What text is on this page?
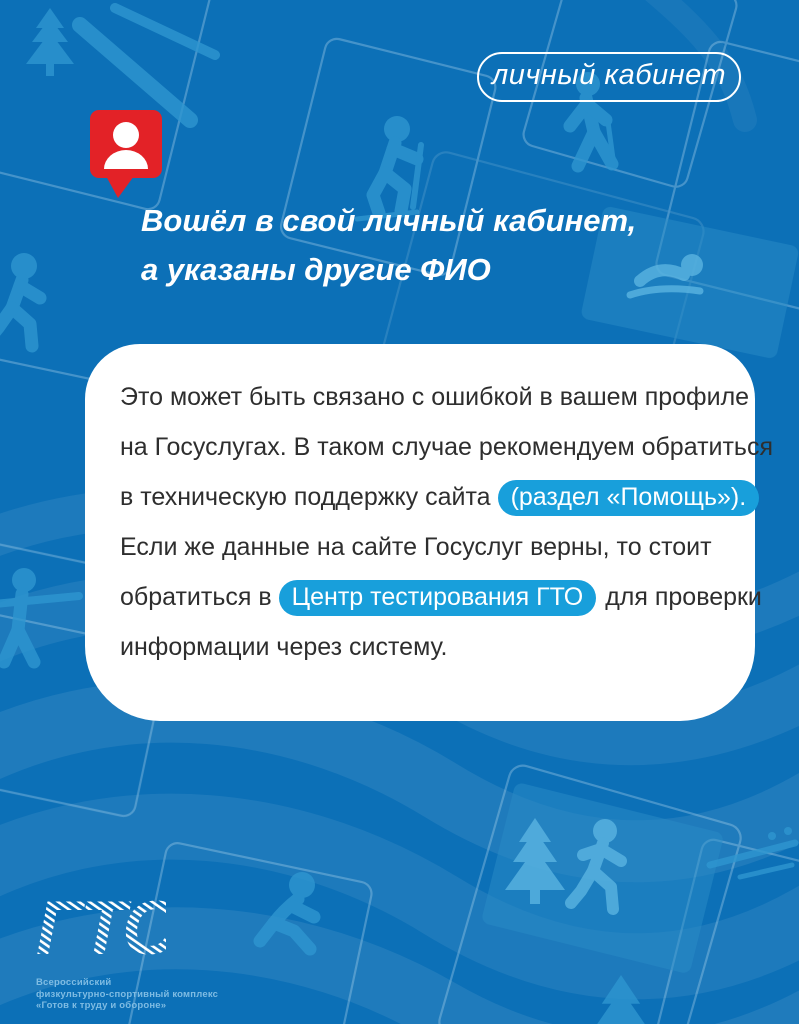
личный кабинет
Вошёл в свой личный кабинет,
а указаны другие ФИО
Это может быть связано с ошибкой в вашем профиле
на Госуслугах. В таком случае рекомендуем обратиться
в техническую поддержку сайта (раздел «Помощь»).
Если же данные на сайте Госуслуг верны, то стоит
обратиться в Центр тестирования ГТО для проверки
информации через систему.
ГТО
Всероссийский
физкультурно-спортивный комплекс
«Готов к труду и обороне»
